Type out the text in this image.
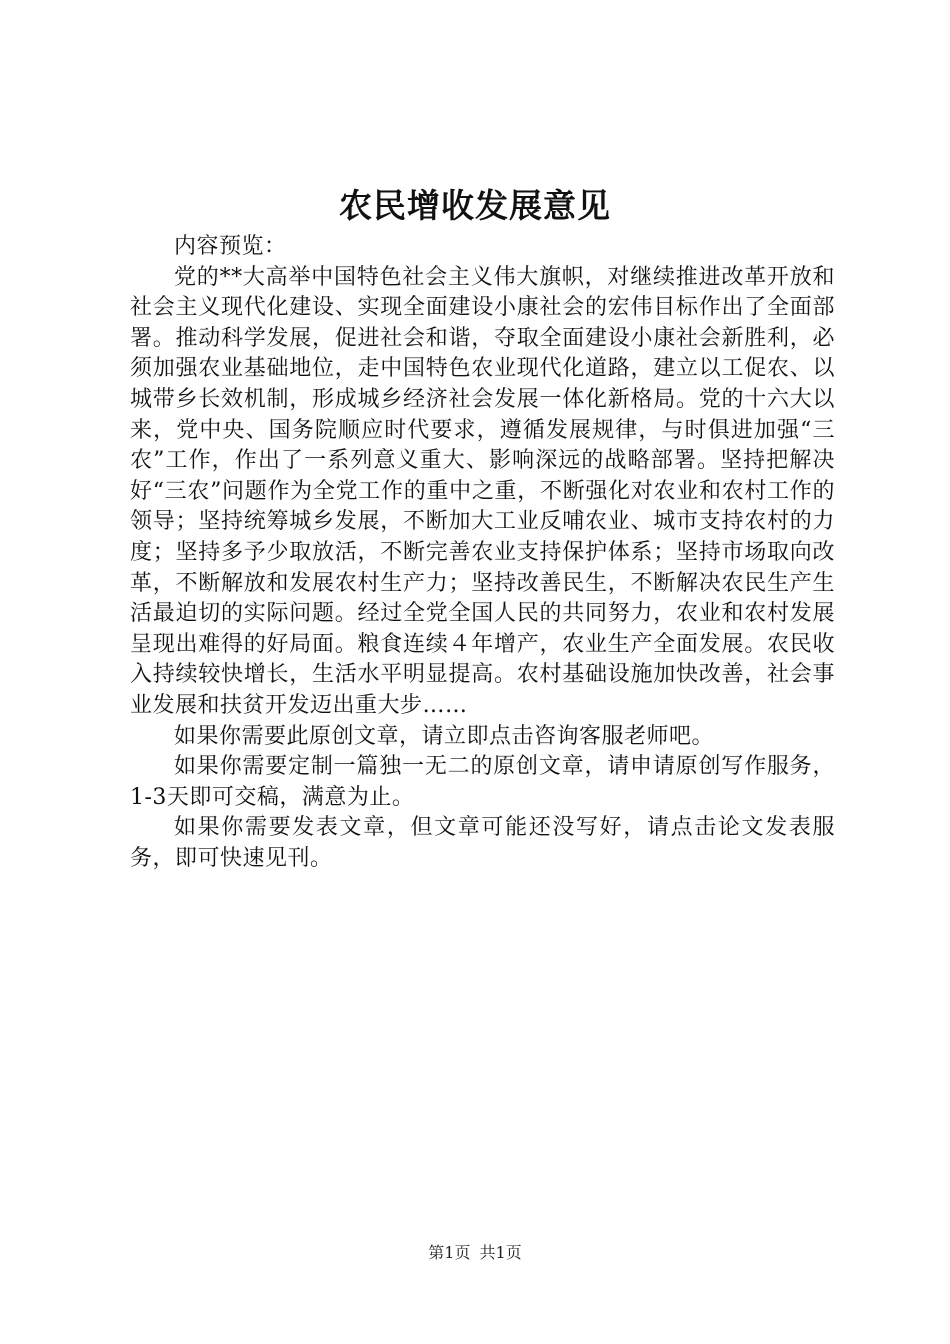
农民增收发展意见

内容预览：

党的**大高举中国特色社会主义伟大旗帜，对继续推进改革开放和社会主义现代化建设、实现全面建设小康社会的宏伟目标作出了全面部署。推动科学发展，促进社会和谐，夺取全面建设小康社会新胜利，必须加强农业基础地位，走中国特色农业现代化道路，建立以工促农、以城带乡长效机制，形成城乡经济社会发展一体化新格局。党的十六大以来，党中央、国务院顺应时代要求，遵循发展规律，与时俱进加强“三农”工作，作出了一系列意义重大、影响深远的战略部署。坚持把解决好“三农”问题作为全党工作的重中之重，不断强化对农业和农村工作的领导；坚持统筹城乡发展，不断加大工业反哺农业、城市支持农村的力度；坚持多予少取放活，不断完善农业支持保护体系；坚持市场取向改革，不断解放和发展农村生产力；坚持改善民生，不断解决农民生产生活最迫切的实际问题。经过全党全国人民的共同努力，农业和农村发展呈现出难得的好局面。粮食连续４年增产，农业生产全面发展。农民收入持续较快增长，生活水平明显提高。农村基础设施加快改善，社会事业发展和扶贫开发迈出重大步……

如果你需要此原创文章，请立即点击咨询客服老师吧。

如果你需要定制一篇独一无二的原创文章，请申请原创写作服务，1-3天即可交稿，满意为止。

如果你需要发表文章，但文章可能还没写好，请点击论文发表服务，即可快速见刊。

第1页 共1页
